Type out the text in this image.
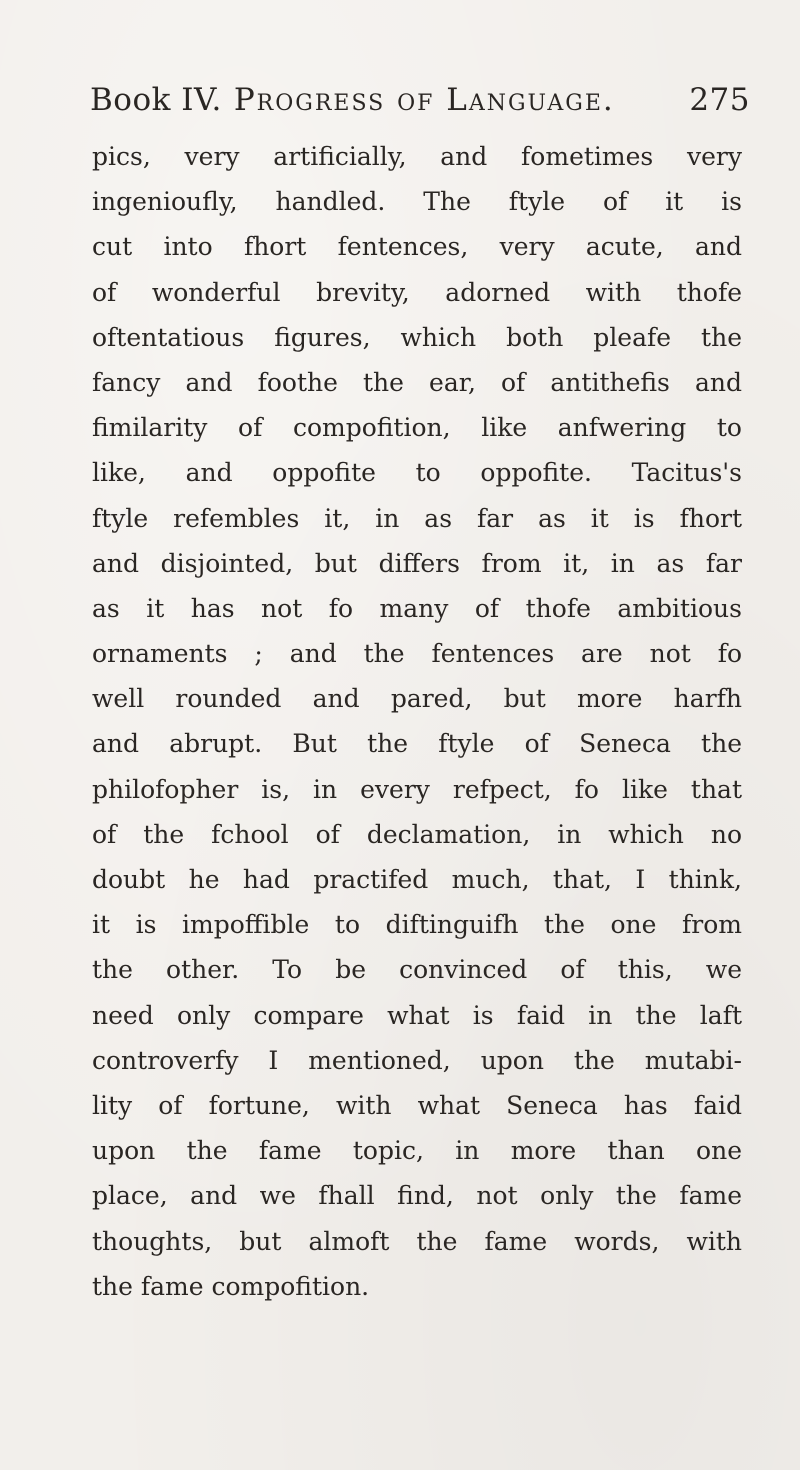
Book IV. Progress of Language. 275
pics, very artificially, and fometimes very
ingenioufly, handled. The ftyle of it is
cut into fhort fentences, very acute, and
of wonderful brevity, adorned with thofe
oftentatious figures, which both pleafe the
fancy and foothe the ear, of antithefis and
fimilarity of compofition, like anfwering to
like, and oppofite to oppofite. Tacitus's
ftyle refembles it, in as far as it is fhort
and disjointed, but differs from it, in as far
as it has not fo many of thofe ambitious
ornaments ; and the fentences are not fo
well rounded and pared, but more harfh
and abrupt. But the ftyle of Seneca the
philofopher is, in every refpect, fo like that
of the fchool of declamation, in which no
doubt he had practifed much, that, I think,
it is impoffible to diftinguifh the one from
the other. To be convinced of this, we
need only compare what is faid in the laft
controverfy I mentioned, upon the mutabi-
lity of fortune, with what Seneca has faid
upon the fame topic, in more than one
place, and we fhall find, not only the fame
thoughts, but almoft the fame words, with
the fame compofition.
